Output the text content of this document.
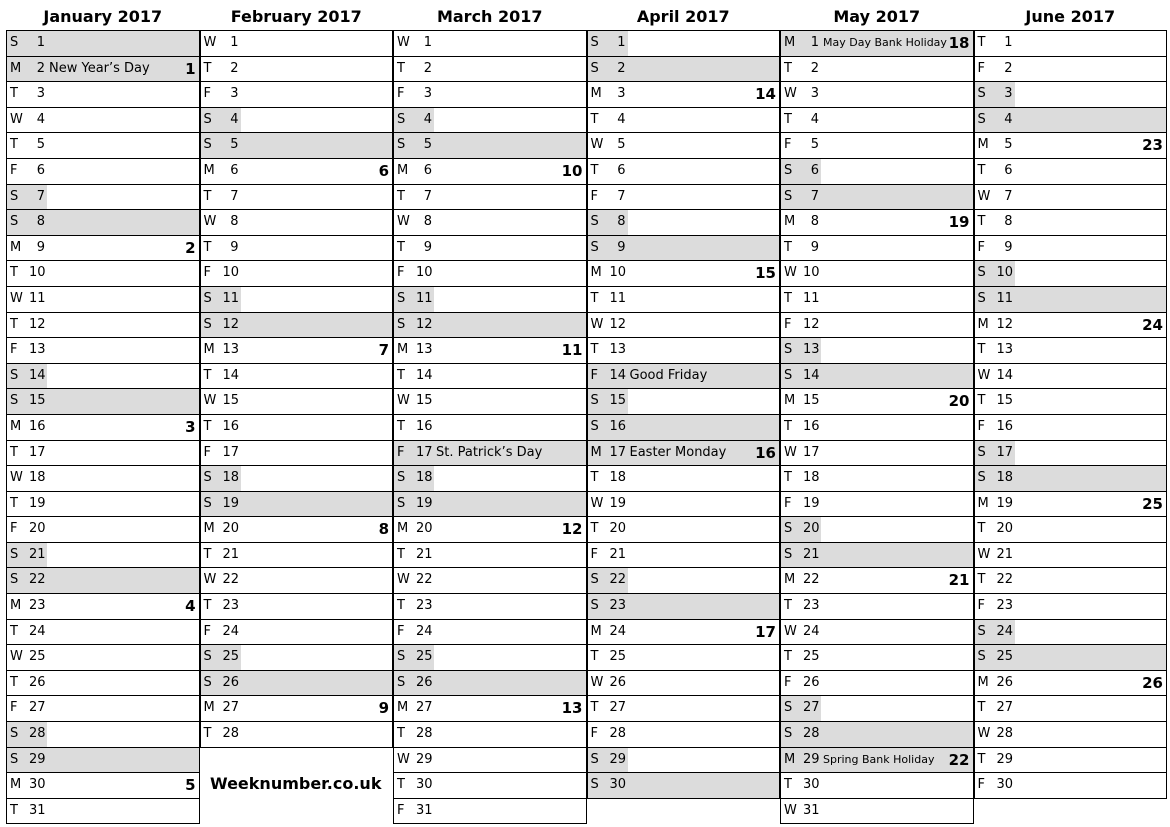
January 2017
S	1
M	2 New Year’s Day 1
T	3
W	4
T	5
F	6
S	7
S	8
M	9	2
T 10
W 11
T 12
F 13
S 14
S 15
M 16	3
T 17
W 18
T 19
F 20
S 21
S 22
M 23	4
T 24
W 25
T 26
F 27
S 28
S 29
M 30	5
T 31
February 2017
W	1
T	2
F	3
S	4
S	5
M	6	6
T	7
W	8
T	9
F 10
S 11
S 12
M 13	7
T 14
W 15
T 16
F 17
S 18
S 19
M 20	8
T 21
W 22
T 23
F 24
S 25
S 26
M 27	9
T 28
March 2017
W	1
T	2
F	3
S	4
S	5
M	6	10
T	7
W	8
T	9
F 10
S 11
S 12
M 13	11
T 14
W 15
T 16
F 17 St. Patrick’s Day
S 18
S 19
M 20	12
T 21
W 22
T 23
F 24
S 25
S 26
M 27	13
T 28
W 29
T 30
F 31
April 2017
S	1
S	2
M	3	14
T	4
W	5
T	6
F	7
S	8
S	9
M 10	15
T 11
W 12
T 13
F 14 Good Friday
S 15
S 16
M 17 Easter Monday 16
T 18
W 19
T 20
F 21
S 22
S 23
M 24	17
T 25
W 26
T 27
F 28
S 29
S 30
May 2017
M	1 May Day Bank Holiday 18
T	2
W	3
T	4
F	5
S	6
S	7
M	8	19
T	9
W 10
T 11
F 12
S 13
S 14
M 15	20
T 16
W 17
T 18
F 19
S 20
S 21
M 22	21
T 23
W 24
T 25
F 26
S 27
S 28
M 29 Spring Bank Holiday 22
T 30
W 31
June 2017
T	1
F	2
S	3
S	4
M	5	23
T	6
W	7
T	8
F	9
S 10
S 11
M 12	24
T 13
W 14
T 15
F 16
S 17
S 18
M 19	25
T 20
W 21
T 22
F 23
S 24
S 25
M 26	26
T 27
W 28
T 29
F 30
Weeknumber.co.uk
